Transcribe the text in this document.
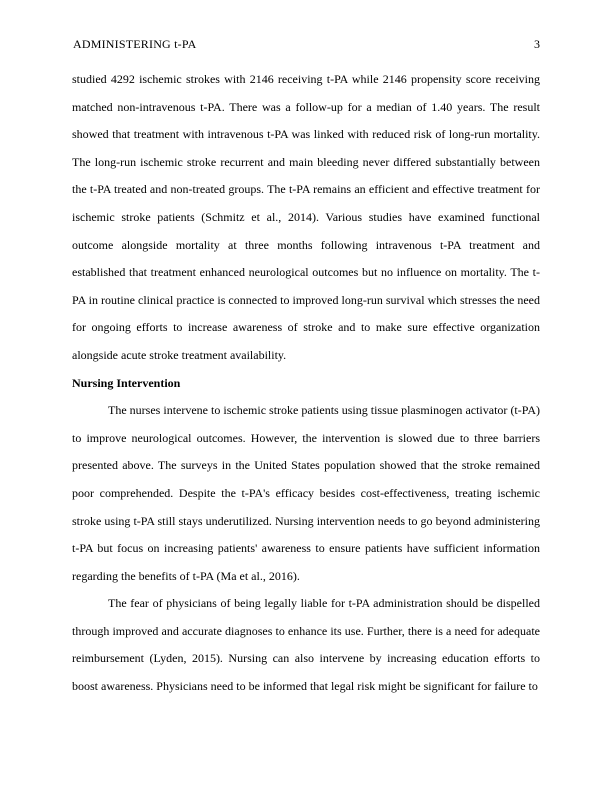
ADMINISTERING t-PA	3

studied 4292 ischemic strokes with 2146 receiving t-PA while 2146 propensity score receiving matched non-intravenous t-PA. There was a follow-up for a median of 1.40 years. The result showed that treatment with intravenous t-PA was linked with reduced risk of long-run mortality. The long-run ischemic stroke recurrent and main bleeding never differed substantially between the t-PA treated and non-treated groups. The t-PA remains an efficient and effective treatment for ischemic stroke patients (Schmitz et al., 2014). Various studies have examined functional outcome alongside mortality at three months following intravenous t-PA treatment and established that treatment enhanced neurological outcomes but no influence on mortality. The t-PA in routine clinical practice is connected to improved long-run survival which stresses the need for ongoing efforts to increase awareness of stroke and to make sure effective organization alongside acute stroke treatment availability.

Nursing Intervention

The nurses intervene to ischemic stroke patients using tissue plasminogen activator (t-PA) to improve neurological outcomes. However, the intervention is slowed due to three barriers presented above. The surveys in the United States population showed that the stroke remained poor comprehended. Despite the t-PA's efficacy besides cost-effectiveness, treating ischemic stroke using t-PA still stays underutilized. Nursing intervention needs to go beyond administering t-PA but focus on increasing patients' awareness to ensure patients have sufficient information regarding the benefits of t-PA (Ma et al., 2016).

The fear of physicians of being legally liable for t-PA administration should be dispelled through improved and accurate diagnoses to enhance its use. Further, there is a need for adequate reimbursement (Lyden, 2015). Nursing can also intervene by increasing education efforts to boost awareness. Physicians need to be informed that legal risk might be significant for failure to
